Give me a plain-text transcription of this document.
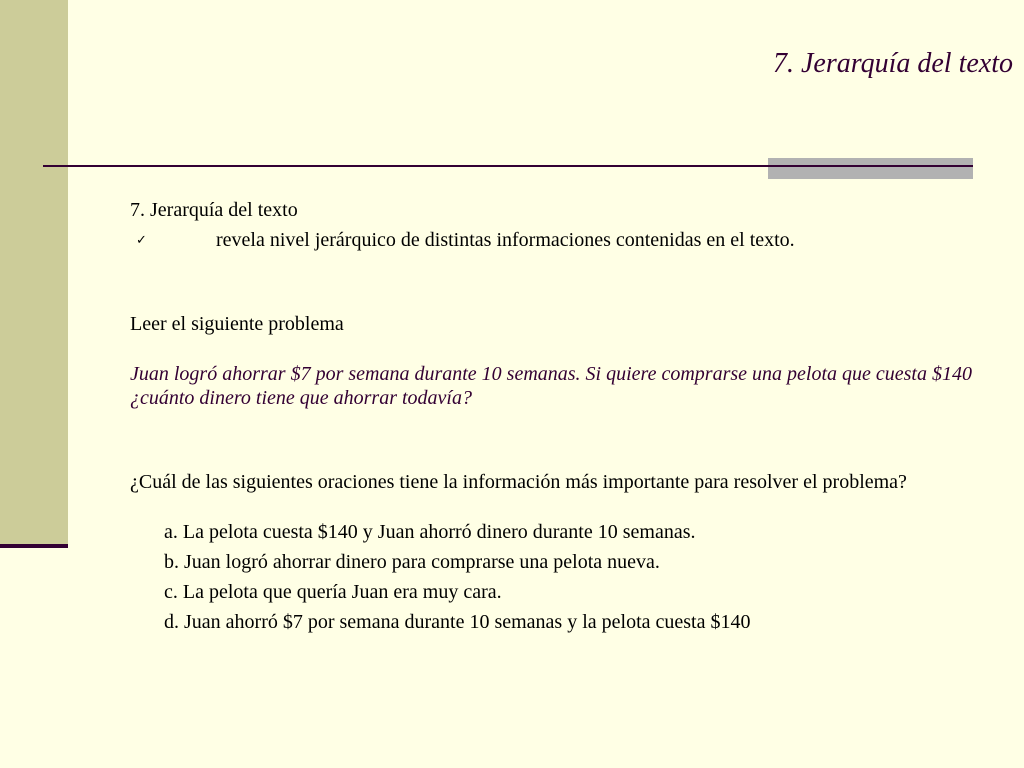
7. Jerarquía del texto

7. Jerarquía del texto

✓	revela nivel jerárquico de distintas informaciones contenidas en el texto.

Leer el siguiente problema

Juan logró ahorrar $7 por semana durante 10 semanas. Si quiere comprarse una pelota que cuesta $140 ¿cuánto dinero tiene que ahorrar todavía?

¿Cuál de las siguientes oraciones tiene la información más importante para resolver el problema?

a. La pelota cuesta $140 y Juan ahorró dinero durante 10 semanas.
b. Juan logró ahorrar dinero para comprarse una pelota nueva.
c. La pelota que quería Juan era muy cara.
d. Juan ahorró $7 por semana durante 10 semanas y la pelota cuesta $140
